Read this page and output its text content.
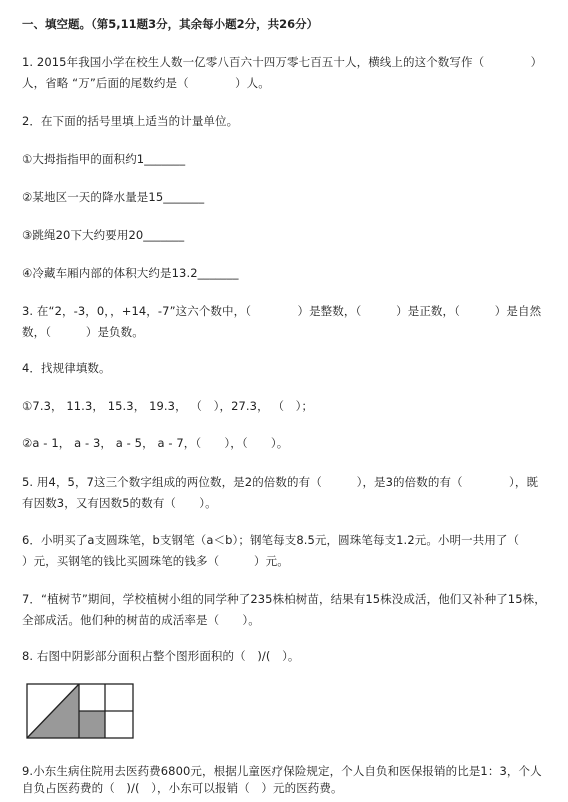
一、填空题。（第5,11题3分，其余每小题2分，共26分）
1. 2015年我国小学在校生人数一亿零八百六十四万零七百五十人，横线上的这个数写作（　　　　）
人，省略 “万”后面的尾数约是（　　　　）人。
2．在下面的括号里填上适当的计量单位。
①大拇指指甲的面积约1_______
②某地区一天的降水量是15_______
③跳绳20下大约要用20_______
④冷藏车厢内部的体积大约是13.2_______
3. 在“2，-3，0，，+14，-7”这六个数中，（　　　　）是整数，（　　　）是正数，（　　　）是自然
数，（　　　）是负数。
4．找规律填数。
①7.3， 11.3， 15.3， 19.3， （　），27.3， （　）；
②a - 1， a - 3， a - 5， a - 7，（　　），（　　）。
5. 用4，5，7这三个数字组成的两位数，是2的倍数的有（　　　），是3的倍数的有（　　　　），既
有因数3，又有因数5的数有（　　）。
6．小明买了a支圆珠笔，b支钢笔（a＜b）；钢笔每支8.5元，圆珠笔每支1.2元。小明一共用了（
）元，买钢笔的钱比买圆珠笔的钱多（　　　）元。
7．“植树节”期间，学校植树小组的同学种了235株柏树苗，结果有15株没成活，他们又补种了15株，
全部成活。他们种的树苗的成活率是（　　）。
8. 右图中阴影部分面积占整个图形面积的（　)/(　）。
9.小东生病住院用去医药费6800元，根据儿童医疗保险规定，个人自负和医保报销的比是1：3，个人
自负占医药费的（　)/(　），小东可以报销（　）元的医药费。
